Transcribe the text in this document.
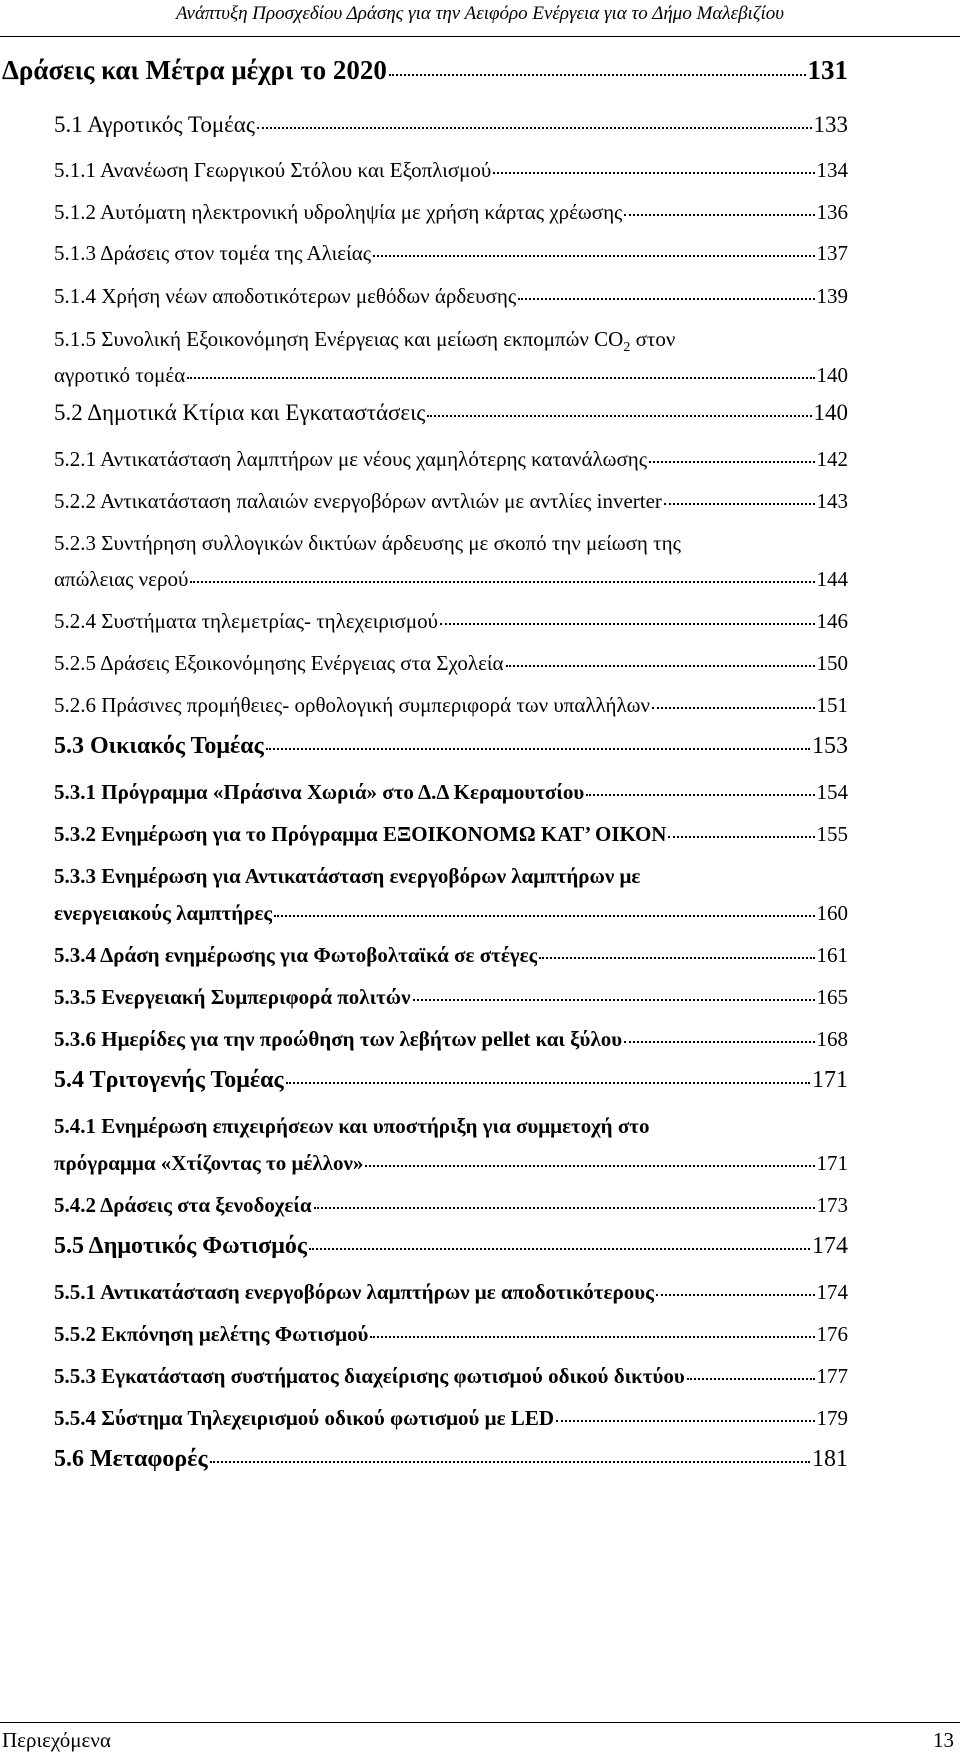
Ανάπτυξη Προσχεδίου Δράσης για την Αειφόρο Ενέργεια για το Δήμο Μαλεβιζίου
Δράσεις και Μέτρα μέχρι το 2020	131
5.1 Αγροτικός Τομέας	133
5.1.1 Ανανέωση Γεωργικού Στόλου και Εξοπλισμού	134
5.1.2 Αυτόματη ηλεκτρονική υδροληψία με χρήση κάρτας χρέωσης	136
5.1.3 Δράσεις στον τομέα της Αλιείας	137
5.1.4 Χρήση νέων αποδοτικότερων μεθόδων άρδευσης	139
5.1.5 Συνολική Εξοικονόμηση Ενέργειας και μείωση εκπομπών $CO_2$ στον
αγροτικό τομέα	140
5.2 Δημοτικά Κτίρια και Εγκαταστάσεις	140
5.2.1 Αντικατάσταση λαμπτήρων με νέους χαμηλότερης κατανάλωσης	142
5.2.2 Αντικατάσταση παλαιών ενεργοβόρων αντλιών με αντλίες inverter	143
5.2.3 Συντήρηση συλλογικών δικτύων άρδευσης με σκοπό την μείωση της
απώλειας νερού	144
5.2.4 Συστήματα τηλεμετρίας- τηλεχειρισμού	146
5.2.5 Δράσεις Εξοικονόμησης Ενέργειας στα Σχολεία	150
5.2.6 Πράσινες προμήθειες- ορθολογική συμπεριφορά των υπαλλήλων	151
5.3 Οικιακός Τομέας	153
5.3.1 Πρόγραμμα «Πράσινα Χωριά» στο Δ.Δ Κεραμουτσίου	154
5.3.2 Ενημέρωση για το Πρόγραμμα ΕΞΟΙΚΟΝΟΜΩ ΚΑΤ’ ΟΙΚΟΝ	155
5.3.3 Ενημέρωση για Αντικατάσταση ενεργοβόρων λαμπτήρων με
ενεργειακούς λαμπτήρες	160
5.3.4 Δράση ενημέρωσης για Φωτοβολταϊκά σε στέγες	161
5.3.5 Ενεργειακή Συμπεριφορά πολιτών	165
5.3.6 Ημερίδες για την προώθηση των λεβήτων pellet και ξύλου	168
5.4 Τριτογενής Τομέας	171
5.4.1 Ενημέρωση επιχειρήσεων και υποστήριξη για συμμετοχή στο
πρόγραμμα «Χτίζοντας το μέλλον»	171
5.4.2 Δράσεις στα ξενοδοχεία	173
5.5 Δημοτικός Φωτισμός	174
5.5.1 Αντικατάσταση ενεργοβόρων λαμπτήρων με αποδοτικότερους	174
5.5.2 Εκπόνηση μελέτης Φωτισμού	176
5.5.3 Εγκατάσταση συστήματος διαχείρισης φωτισμού οδικού δικτύου	177
5.5.4 Σύστημα Τηλεχειρισμού οδικού φωτισμού με LED	179
5.6 Μεταφορές	181
Περιεχόμενα	13
